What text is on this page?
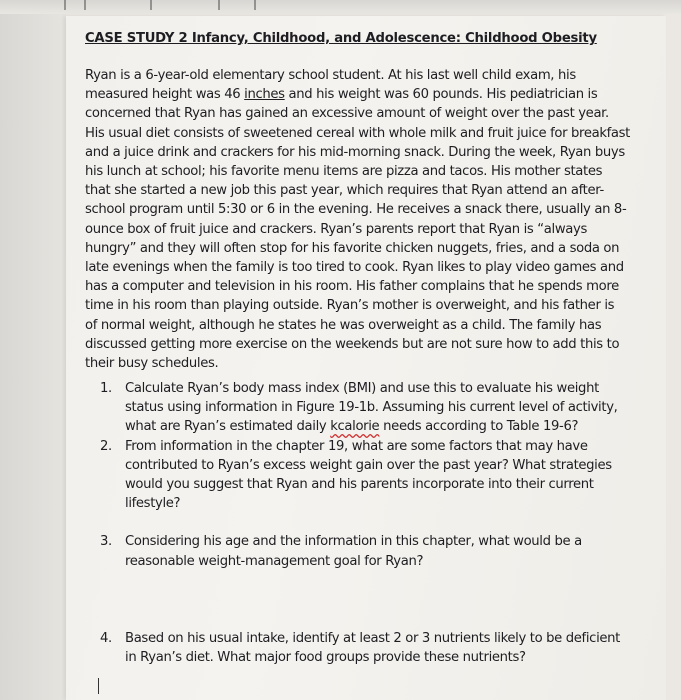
CASE STUDY 2 Infancy, Childhood, and Adolescence: Childhood Obesity

Ryan is a 6-year-old elementary school student. At his last well child exam, his measured height was 46 inches and his weight was 60 pounds. His pediatrician is concerned that Ryan has gained an excessive amount of weight over the past year. His usual diet consists of sweetened cereal with whole milk and fruit juice for breakfast and a juice drink and crackers for his mid-morning snack. During the week, Ryan buys his lunch at school; his favorite menu items are pizza and tacos. His mother states that she started a new job this past year, which requires that Ryan attend an after-school program until 5:30 or 6 in the evening. He receives a snack there, usually an 8-ounce box of fruit juice and crackers. Ryan’s parents report that Ryan is “always hungry” and they will often stop for his favorite chicken nuggets, fries, and a soda on late evenings when the family is too tired to cook. Ryan likes to play video games and has a computer and television in his room. His father complains that he spends more time in his room than playing outside. Ryan’s mother is overweight, and his father is of normal weight, although he states he was overweight as a child. The family has discussed getting more exercise on the weekends but are not sure how to add this to their busy schedules.

1. Calculate Ryan’s body mass index (BMI) and use this to evaluate his weight status using information in Figure 19-1b. Assuming his current level of activity, what are Ryan’s estimated daily kcalorie needs according to Table 19-6?
2. From information in the chapter 19, what are some factors that may have contributed to Ryan’s excess weight gain over the past year? What strategies would you suggest that Ryan and his parents incorporate into their current lifestyle?
3. Considering his age and the information in this chapter, what would be a reasonable weight-management goal for Ryan?
4. Based on his usual intake, identify at least 2 or 3 nutrients likely to be deficient in Ryan’s diet. What major food groups provide these nutrients?
